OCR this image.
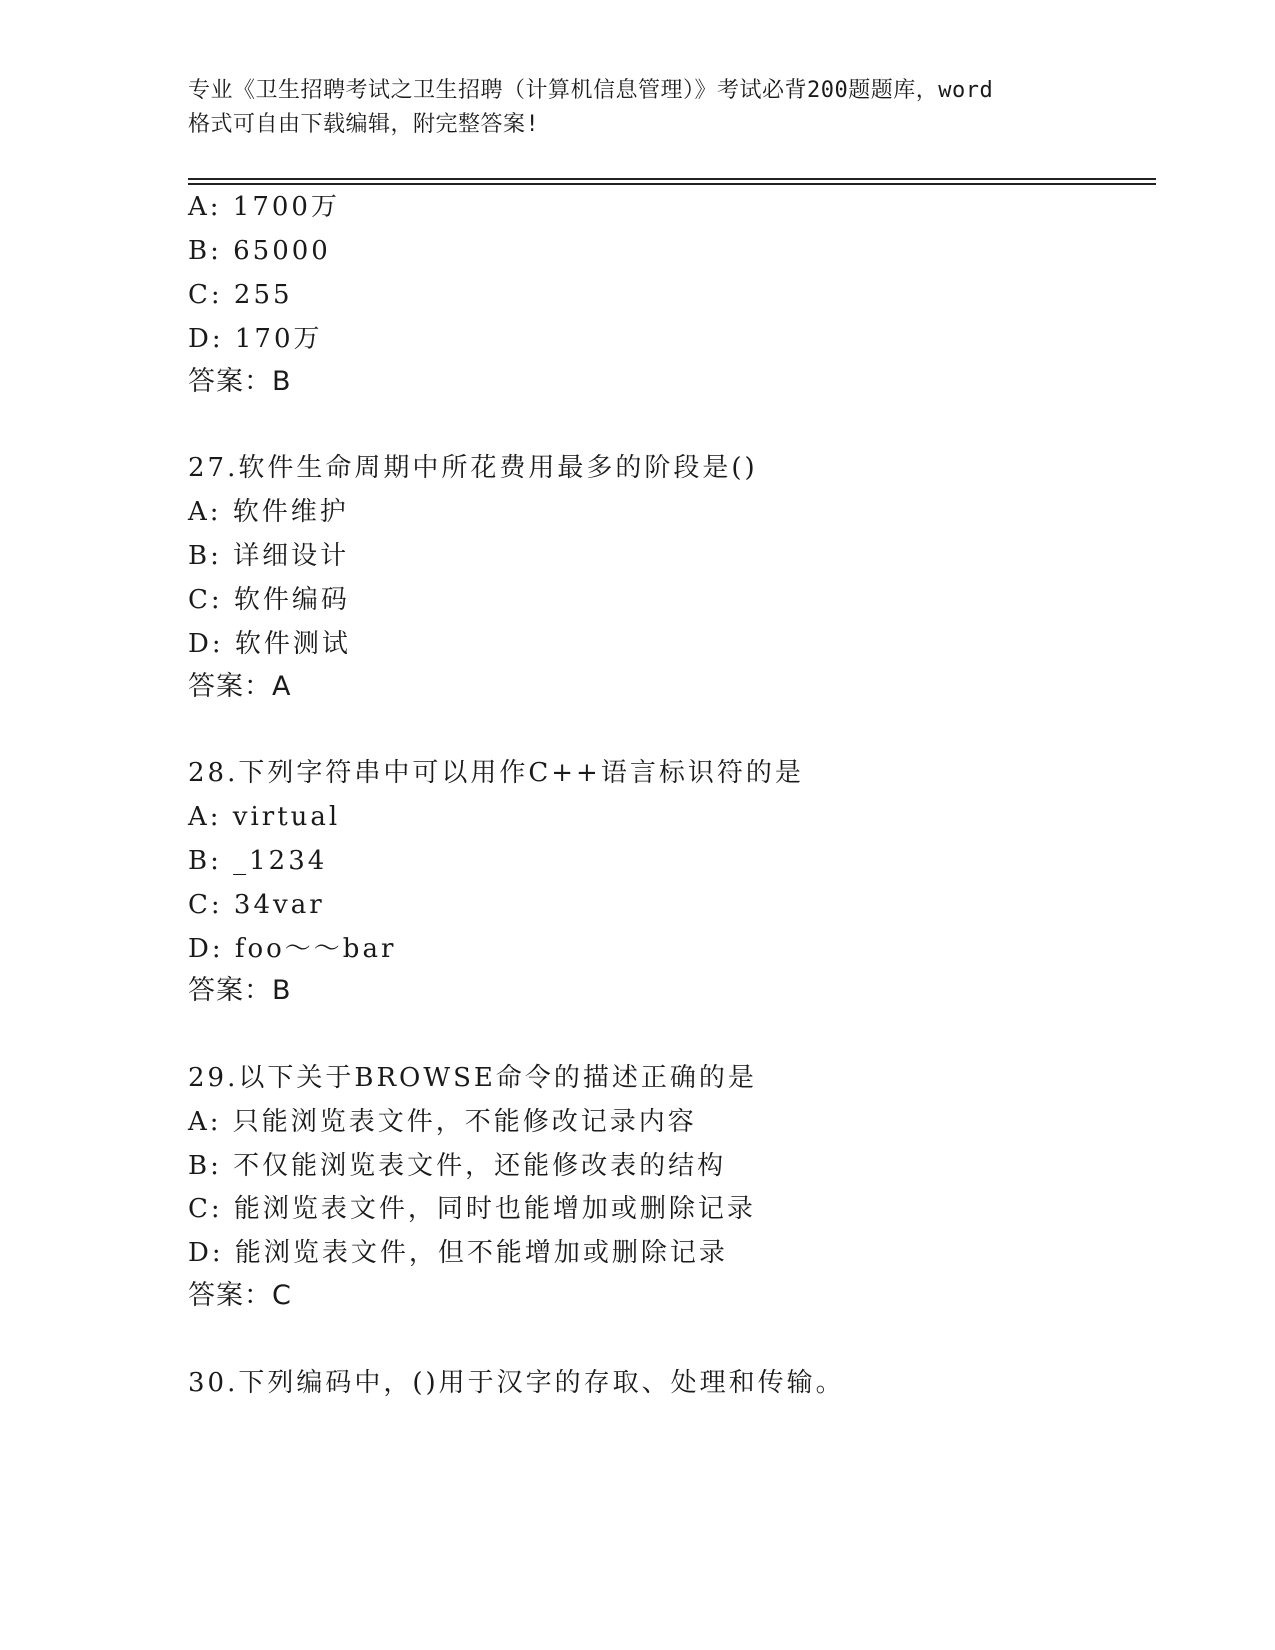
专业《卫生招聘考试之卫生招聘（计算机信息管理）》考试必背200题题库，word
格式可自由下载编辑，附完整答案!
A: 1700万
B: 65000
C: 255
D: 170万
答案：B
27.软件生命周期中所花费用最多的阶段是()
A: 软件维护
B: 详细设计
C: 软件编码
D: 软件测试
答案：A
28.下列字符串中可以用作C++语言标识符的是
A: virtual
B: _1234
C: 34var
D: foo～～bar
答案：B
29.以下关于BROWSE命令的描述正确的是
A: 只能浏览表文件，不能修改记录内容
B: 不仅能浏览表文件，还能修改表的结构
C: 能浏览表文件，同时也能增加或删除记录
D: 能浏览表文件，但不能增加或删除记录
答案：C
30.下列编码中，()用于汉字的存取、处理和传输。
